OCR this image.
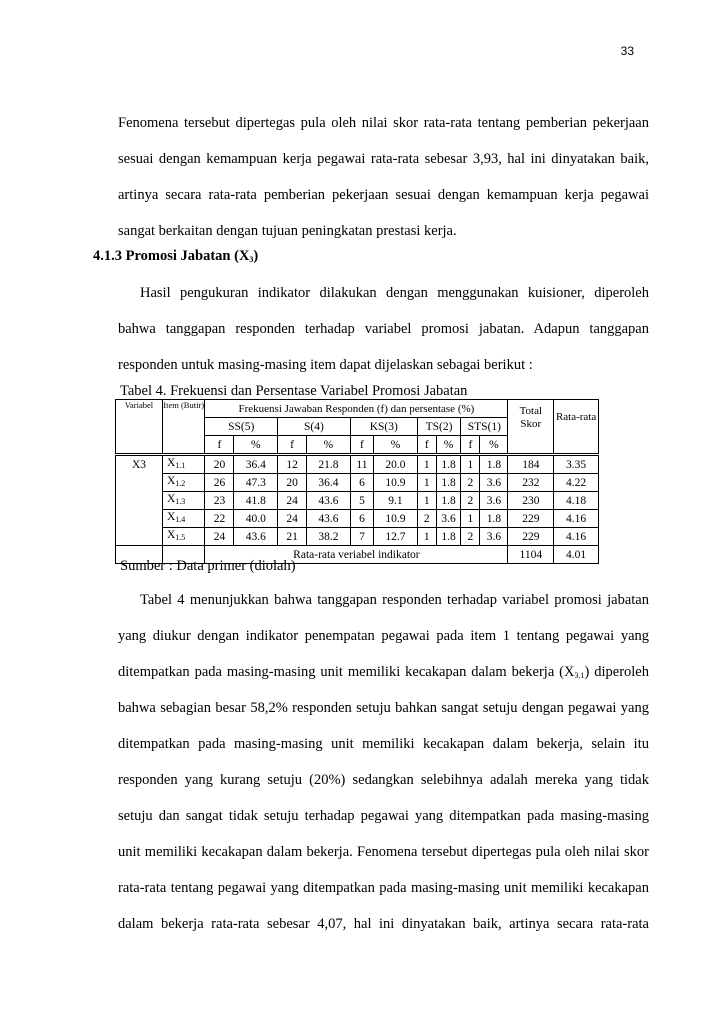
33
Fenomena tersebut dipertegas pula oleh nilai skor rata-rata tentang pemberian pekerjaan
sesuai dengan kemampuan kerja pegawai rata-rata sebesar 3,93, hal ini dinyatakan baik,
artinya secara rata-rata pemberian pekerjaan sesuai dengan kemampuan kerja pegawai
sangat berkaitan dengan tujuan peningkatan prestasi kerja.
4.1.3 Promosi Jabatan $(X_3)$
Hasil pengukuran indikator dilakukan dengan menggunakan kuisioner, diperoleh
bahwa tanggapan responden terhadap variabel promosi jabatan. Adapun tanggapan
responden untuk masing-masing item dapat dijelaskan sebagai berikut :
Tabel 4. Frekuensi dan Persentase Variabel Promosi Jabatan
Variabel	Item (Butir)	Frekuensi Jawaban Responden (f) dan persentase (%)										Total Skor	Rata-rata
		SS(5)		S(4)		KS(3)		TS(2)		STS(1)			
		f	%	f	%	f	%	f	%	f	%		
X3	$X_{1.1}$	20	36.4	12	21.8	11	20.0	1	1.8	1	1.8	184	3.35
	$X_{1.2}$	26	47.3	20	36.4	6	10.9	1	1.8	2	3.6	232	4.22
	$X_{1.3}$	23	41.8	24	43.6	5	9.1	1	1.8	2	3.6	230	4.18
	$X_{1.4}$	22	40.0	24	43.6	6	10.9	2	3.6	1	1.8	229	4.16
	$X_{1.5}$	24	43.6	21	38.2	7	12.7	1	1.8	2	3.6	229	4.16
		Rata-rata veriabel indikator										1104	4.01
Sumber : Data primer (diolah)
Tabel 4 menunjukkan bahwa tanggapan responden terhadap variabel promosi jabatan
yang diukur dengan indikator penempatan pegawai pada item 1 tentang pegawai yang
ditempatkan pada masing-masing unit memiliki kecakapan dalam bekerja $(X_{3.1})$ diperoleh
bahwa sebagian besar 58,2% responden setuju bahkan sangat setuju dengan pegawai yang
ditempatkan pada masing-masing unit memiliki kecakapan dalam bekerja, selain itu
responden yang kurang setuju (20%) sedangkan selebihnya adalah mereka yang tidak
setuju dan sangat tidak setuju terhadap pegawai yang ditempatkan pada masing-masing
unit memiliki kecakapan dalam bekerja. Fenomena tersebut dipertegas pula oleh nilai skor
rata-rata tentang pegawai yang ditempatkan pada masing-masing unit memiliki kecakapan
dalam bekerja rata-rata sebesar 4,07, hal ini dinyatakan baik, artinya secara rata-rata
